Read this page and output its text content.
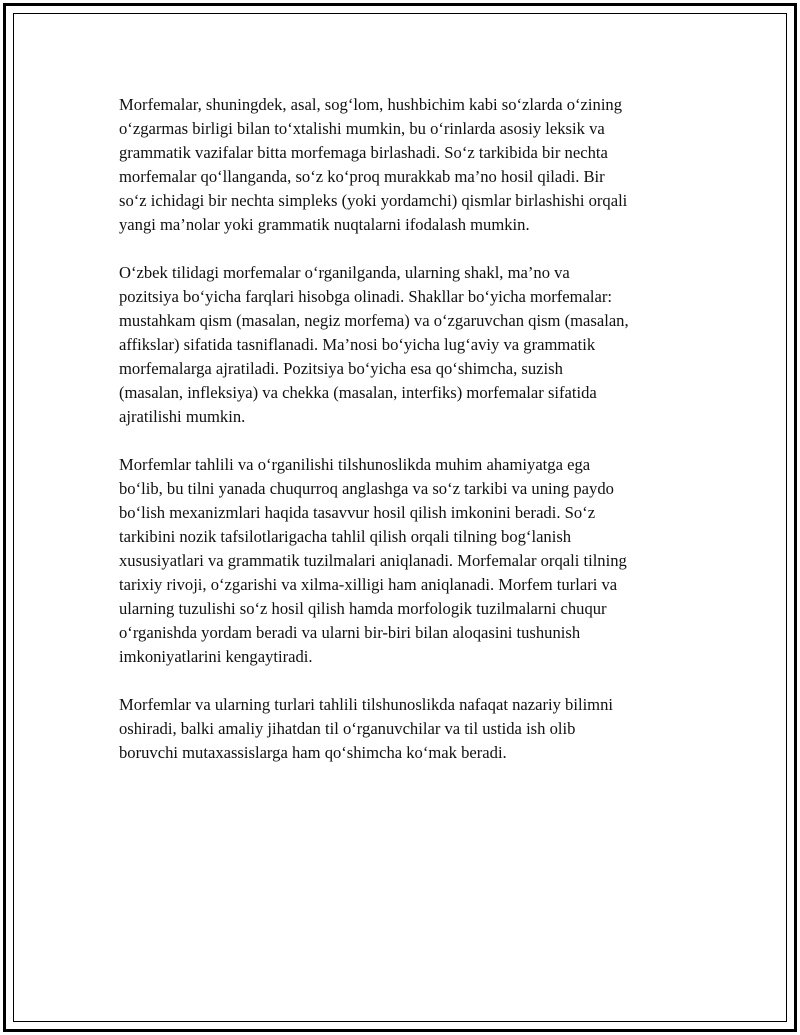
Morfemalar, shuningdek, asal, sog‘lom, hushbichim kabi so‘zlarda o‘zining
o‘zgarmas birligi bilan to‘xtalishi mumkin, bu o‘rinlarda asosiy leksik va
grammatik vazifalar bitta morfemaga birlashadi. So‘z tarkibida bir nechta
morfemalar qo‘llanganda, so‘z ko‘proq murakkab ma’no hosil qiladi. Bir
so‘z ichidagi bir nechta simpleks (yoki yordamchi) qismlar birlashishi orqali
yangi ma’nolar yoki grammatik nuqtalarni ifodalash mumkin.

O‘zbek tilidagi morfemalar o‘rganilganda, ularning shakl, ma’no va
pozitsiya bo‘yicha farqlari hisobga olinadi. Shakllar bo‘yicha morfemalar:
mustahkam qism (masalan, negiz morfema) va o‘zgaruvchan qism (masalan,
affikslar) sifatida tasniflanadi. Ma’nosi bo‘yicha lug‘aviy va grammatik
morfemalarga ajratiladi. Pozitsiya bo‘yicha esa qo‘shimcha, suzish
(masalan, infleksiya) va chekka (masalan, interfiks) morfemalar sifatida
ajratilishi mumkin.

Morfemlar tahlili va o‘rganilishi tilshunoslikda muhim ahamiyatga ega
bo‘lib, bu tilni yanada chuqurroq anglashga va so‘z tarkibi va uning paydo
bo‘lish mexanizmlari haqida tasavvur hosil qilish imkonini beradi. So‘z
tarkibini nozik tafsilotlarigacha tahlil qilish orqali tilning bog‘lanish
xususiyatlari va grammatik tuzilmalari aniqlanadi. Morfemalar orqali tilning
tarixiy rivoji, o‘zgarishi va xilma-xilligi ham aniqlanadi. Morfem turlari va
ularning tuzulishi so‘z hosil qilish hamda morfologik tuzilmalarni chuqur
o‘rganishda yordam beradi va ularni bir-biri bilan aloqasini tushunish
imkoniyatlarini kengaytiradi.

Morfemlar va ularning turlari tahlili tilshunoslikda nafaqat nazariy bilimni
oshiradi, balki amaliy jihatdan til o‘rganuvchilar va til ustida ish olib
boruvchi mutaxassislarga ham qo‘shimcha ko‘mak beradi.
